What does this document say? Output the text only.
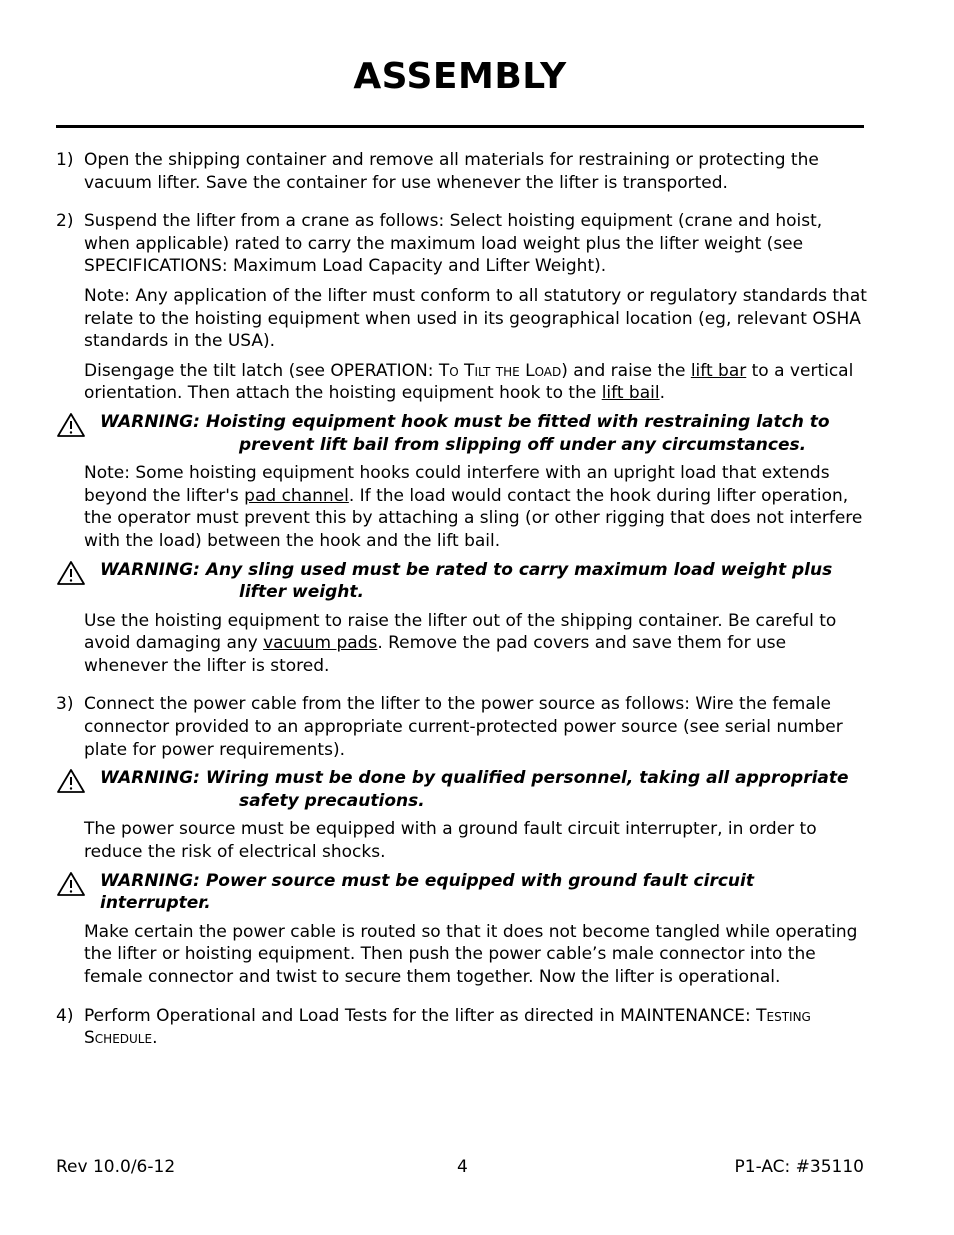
ASSEMBLY
1) Open the shipping container and remove all materials for restraining or protecting the vacuum lifter. Save the container for use whenever the lifter is transported.

2) Suspend the lifter from a crane as follows: Select hoisting equipment (crane and hoist, when applicable) rated to carry the maximum load weight plus the lifter weight (see SPECIFICATIONS: Maximum Load Capacity and Lifter Weight).

Note: Any application of the lifter must conform to all statutory or regulatory standards that relate to the hoisting equipment when used in its geographical location (eg, relevant OSHA standards in the USA).

Disengage the tilt latch (see OPERATION: To Tilt the Load) and raise the lift bar to a vertical orientation. Then attach the hoisting equipment hook to the lift bail.

WARNING: Hoisting equipment hook must be fitted with restraining latch to
prevent lift bail from slipping off under any circumstances.

Note: Some hoisting equipment hooks could interfere with an upright load that extends beyond the lifter's pad channel. If the load would contact the hook during lifter operation, the operator must prevent this by attaching a sling (or other rigging that does not interfere with the load) between the hook and the lift bail.

WARNING: Any sling used must be rated to carry maximum load weight plus
lifter weight.

Use the hoisting equipment to raise the lifter out of the shipping container. Be careful to avoid damaging any vacuum pads. Remove the pad covers and save them for use whenever the lifter is stored.

3) Connect the power cable from the lifter to the power source as follows: Wire the female connector provided to an appropriate current-protected power source (see serial number plate for power requirements).

WARNING: Wiring must be done by qualified personnel, taking all appropriate
safety precautions.

The power source must be equipped with a ground fault circuit interrupter, in order to reduce the risk of electrical shocks.

WARNING: Power source must be equipped with ground fault circuit interrupter.

Make certain the power cable is routed so that it does not become tangled while operating the lifter or hoisting equipment. Then push the power cable’s male connector into the female connector and twist to secure them together. Now the lifter is operational.

4) Perform Operational and Load Tests for the lifter as directed in MAINTENANCE: Testing Schedule.

Rev 10.0/6-12	4	P1-AC: #35110
